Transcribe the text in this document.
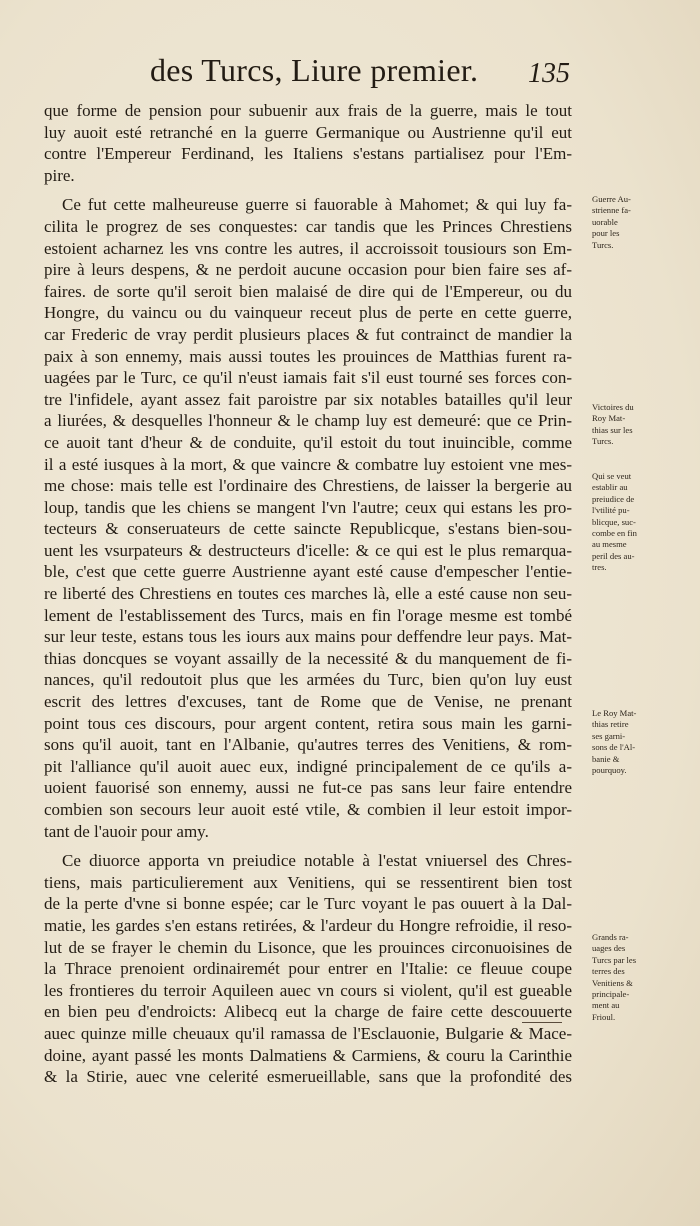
des Turcs, Liure premier. 135
que forme de pension pour subuenir aux frais de la guerre, mais le tout
luy auoit esté retranché en la guerre Germanique ou Austrienne qu'il eut
contre l'Empereur Ferdinand, les Italiens s'estans partialisez pour l'Em-
pire.
Ce fut cette malheureuse guerre si fauorable à Mahomet; & qui luy fa-
cilita le progrez de ses conquestes: car tandis que les Princes Chrestiens
estoient acharnez les vns contre les autres, il accroissoit tousiours son Em-
pire à leurs despens, & ne perdoit aucune occasion pour bien faire ses af-
faires. de sorte qu'il seroit bien malaisé de dire qui de l'Empereur, ou du
Hongre, du vaincu ou du vainqueur receut plus de perte en cette guerre,
car Frederic de vray perdit plusieurs places & fut contrainct de mandier la
paix à son ennemy, mais aussi toutes les prouinces de Matthias furent ra-
uagées par le Turc, ce qu'il n'eust iamais fait s'il eust tourné ses forces con-
tre l'infidele, ayant assez fait paroistre par six notables batailles qu'il leur
a liurées, & desquelles l'honneur & le champ luy est demeuré: que ce Prin-
ce auoit tant d'heur & de conduite, qu'il estoit du tout inuincible, comme
il a esté iusques à la mort, & que vaincre & combatre luy estoient vne mes-
me chose: mais telle est l'ordinaire des Chrestiens, de laisser la bergerie au
loup, tandis que les chiens se mangent l'vn l'autre; ceux qui estans les pro-
tecteurs & conseruateurs de cette saincte Republicque, s'estans bien-sou-
uent les vsurpateurs & destructeurs d'icelle: & ce qui est le plus remarqua-
ble, c'est que cette guerre Austrienne ayant esté cause d'empescher l'entie-
re liberté des Chrestiens en toutes ces marches là, elle a esté cause non seu-
lement de l'establissement des Turcs, mais en fin l'orage mesme est tombé
sur leur teste, estans tous les iours aux mains pour deffendre leur pays. Mat-
thias doncques se voyant assailly de la necessité & du manquement de fi-
nances, qu'il redoutoit plus que les armées du Turc, bien qu'on luy eust
escrit des lettres d'excuses, tant de Rome que de Venise, ne prenant
point tous ces discours, pour argent content, retira sous main les garni-
sons qu'il auoit, tant en l'Albanie, qu'autres terres des Venitiens, & rom-
pit l'alliance qu'il auoit auec eux, indigné principalement de ce qu'ils a-
uoient fauorisé son ennemy, aussi ne fut-ce pas sans leur faire entendre
combien son secours leur auoit esté vtile, & combien il leur estoit impor-
tant de l'auoir pour amy.
Ce diuorce apporta vn preiudice notable à l'estat vniuersel des Chres-
tiens, mais particulierement aux Venitiens, qui se ressentirent bien tost
de la perte d'vne si bonne espée; car le Turc voyant le pas ouuert à la Dal-
matie, les gardes s'en estans retirées, & l'ardeur du Hongre refroidie, il reso-
lut de se frayer le chemin du Lisonce, que les prouinces circonuoisines de
la Thrace prenoient ordinairemét pour entrer en l'Italie: ce fleuue coupe
les frontieres du terroir Aquileen auec vn cours si violent, qu'il est gueable
en bien peu d'endroicts: Alibecq eut la charge de faire cette descouuerte
auec quinze mille cheuaux qu'il ramassa de l'Esclauonie, Bulgarie & Mace-
doine, ayant passé les monts Dalmatiens & Carmiens, & couru la Carinthie
& la Stirie, auec vne celerité esmerueillable, sans que la profondité des
Guerre Au-
strienne fa-
uorable
pour les
Turcs.
Victoires du
Roy Mat-
thias sur les
Turcs.
Qui se veut
establir au
preiudice de
l'vtilité pu-
blicque, suc-
combe en fin
au mesme
peril des au-
tres.
Le Roy Mat-
thias retire
ses garni-
sons de l'Al-
banie &
pourquoy.
Grands ra-
uages des
Turcs par les
terres des
Venitiens &
principale-
ment au
Frioul.
